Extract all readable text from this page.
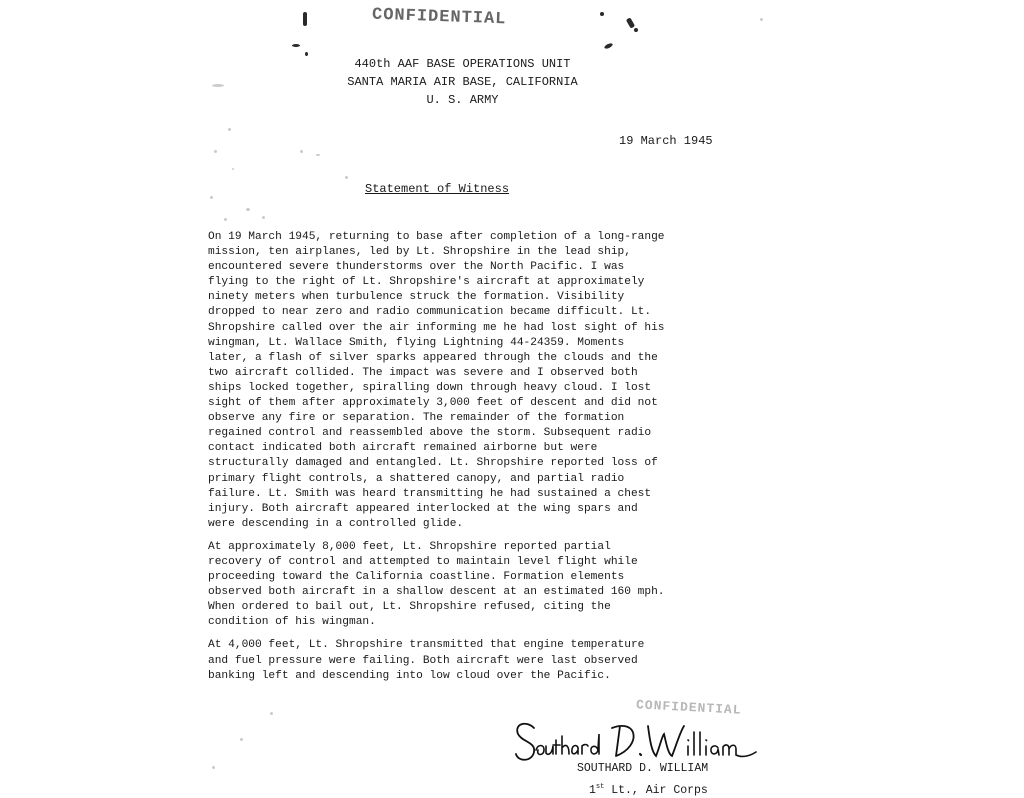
CONFIDENTIAL
440th AAF BASE OPERATIONS UNIT
SANTA MARIA AIR BASE, CALIFORNIA
U. S. ARMY
19 March 1945
Statement of Witness

On 19 March 1945, returning to base after completion of a long-range
mission, ten airplanes, led by Lt. Shropshire in the lead ship,
encountered severe thunderstorms over the North Pacific. I was
flying to the right of Lt. Shropshire's aircraft at approximately
ninety meters when turbulence struck the formation. Visibility
dropped to near zero and radio communication became difficult. Lt.
Shropshire called over the air informing me he had lost sight of his
wingman, Lt. Wallace Smith, flying Lightning 44-24359. Moments
later, a flash of silver sparks appeared through the clouds and the
two aircraft collided. The impact was severe and I observed both
ships locked together, spiralling down through heavy cloud. I lost
sight of them after approximately 3,000 feet of descent and did not
observe any fire or separation. The remainder of the formation
regained control and reassembled above the storm. Subsequent radio
contact indicated both aircraft remained airborne but were
structurally damaged and entangled. Lt. Shropshire reported loss of
primary flight controls, a shattered canopy, and partial radio
failure. Lt. Smith was heard transmitting he had sustained a chest
injury. Both aircraft appeared interlocked at the wing spars and
were descending in a controlled glide.

At approximately 8,000 feet, Lt. Shropshire reported partial
recovery of control and attempted to maintain level flight while
proceeding toward the California coastline. Formation elements
observed both aircraft in a shallow descent at an estimated 160 mph.
When ordered to bail out, Lt. Shropshire refused, citing the
condition of his wingman.

At 4,000 feet, Lt. Shropshire transmitted that engine temperature
and fuel pressure were failing. Both aircraft were last observed
banking left and descending into low cloud over the Pacific.

CONFIDENTIAL
SOUTHARD D. WILLIAM
1st Lt., Air Corps
